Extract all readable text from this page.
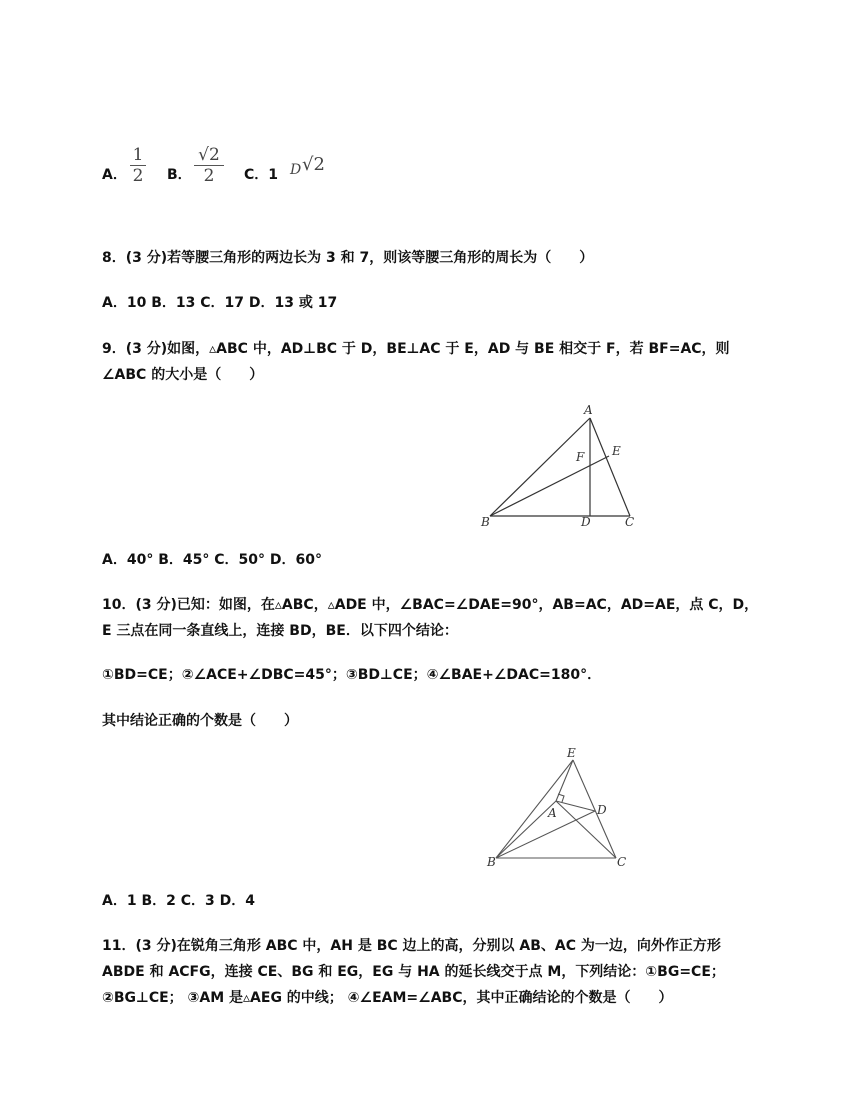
A．
1
2 B．
√2
2	C．1 D √2
8．(3 分)若等腰三角形的两边长为 3 和 7，则该等腰三角形的周长为（　　）
A．10 B．13 C．17 D．13 或 17
9．(3 分)如图，▵ABC 中，AD⊥BC 于 D，BE⊥AC 于 E，AD 与 BE 相交于 F，若 BF=AC，则
∠ABC 的大小是（　　）
A
B	C
D
E
F
A．40° B．45° C．50° D．60°
10．(3 分)已知：如图，在▵ABC，▵ADE 中，∠BAC=∠DAE=90°，AB=AC，AD=AE，点 C，D，
E 三点在同一条直线上，连接 BD，BE．以下四个结论：
①BD=CE；②∠ACE+∠DBC=45°；③BD⊥CE；④∠BAE+∠DAC=180°．
其中结论正确的个数是（　　）
E
A	D
B	C
A．1 B．2 C．3 D．4
11．(3 分)在锐角三角形 ABC 中，AH 是 BC 边上的高，分别以 AB、AC 为一边，向外作正方形
ABDE 和 ACFG，连接 CE、BG 和 EG，EG 与 HA 的延长线交于点 M，下列结论：①BG=CE；
②BG⊥CE； ③AM 是▵AEG 的中线； ④∠EAM=∠ABC，其中正确结论的个数是（　　）
